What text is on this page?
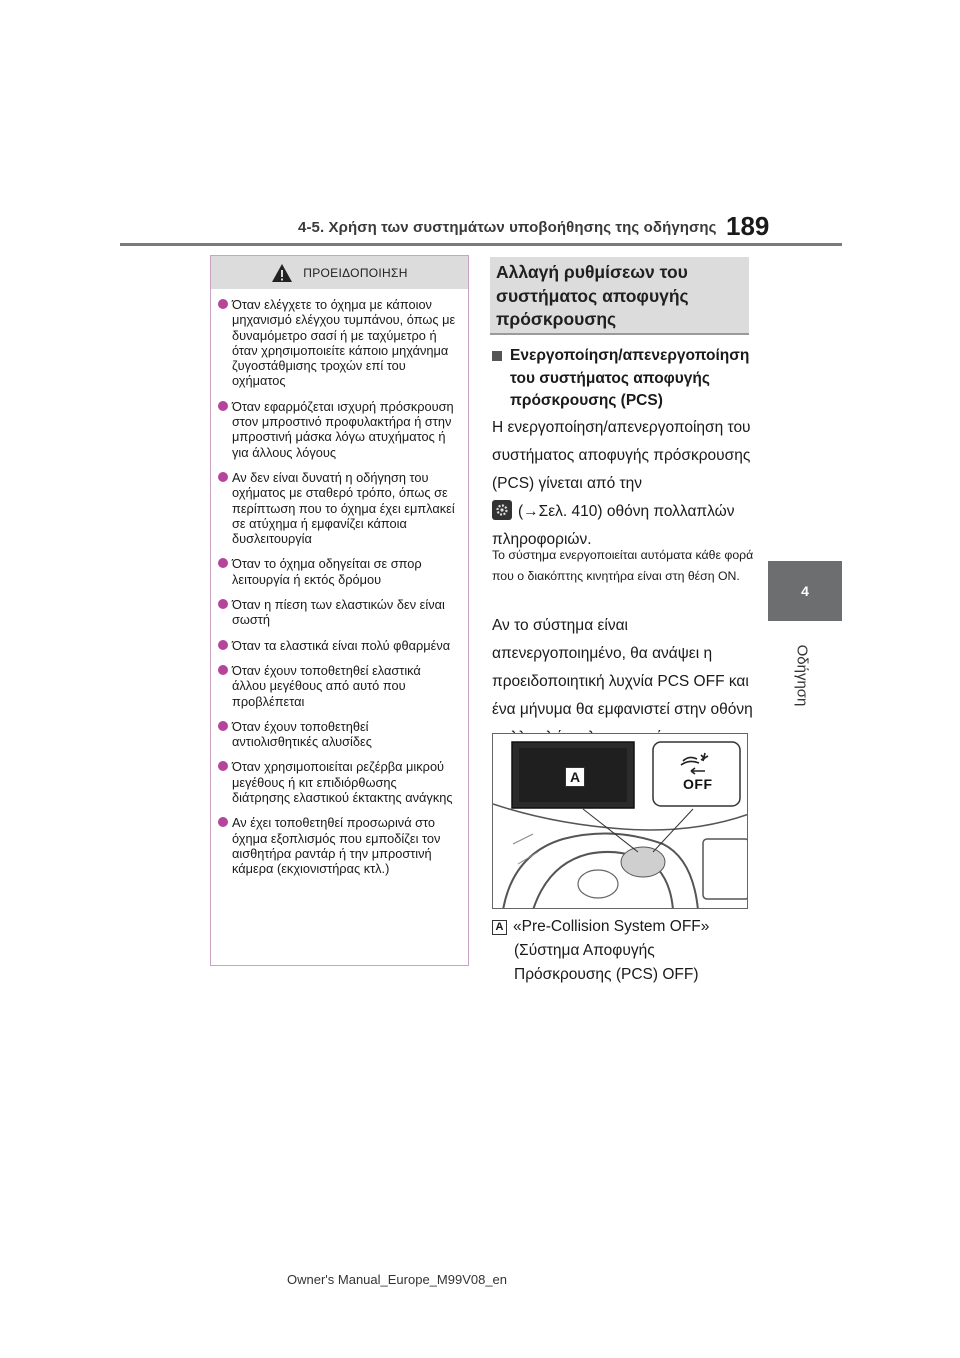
4-5. Χρήση των συστημάτων υποβοήθησης της οδήγησης 189
4
Οδήγηση
ΠΡΟΕΙΔΟΠΟΙΗΣΗ
Όταν ελέγχετε το όχημα με κάποιον μηχανισμό ελέγχου τυμπάνου, όπως με δυναμόμετρο σασί ή με ταχύμετρο ή όταν χρησιμοποιείτε κάποιο μηχάνημα ζυγοστάθμισης τροχών επί του οχήματος
Όταν εφαρμόζεται ισχυρή πρόσκρουση στον μπροστινό προφυλακτήρα ή στην μπροστινή μάσκα λόγω ατυχήματος ή για άλλους λόγους
Αν δεν είναι δυνατή η οδήγηση του οχήματος με σταθερό τρόπο, όπως σε περίπτωση που το όχημα έχει εμπλακεί σε ατύχημα ή εμφανίζει κάποια δυσλειτουργία
Όταν το όχημα οδηγείται σε σπορ λειτουργία ή εκτός δρόμου
Όταν η πίεση των ελαστικών δεν είναι σωστή
Όταν τα ελαστικά είναι πολύ φθαρμένα
Όταν έχουν τοποθετηθεί ελαστικά άλλου μεγέθους από αυτό που προβλέπεται
Όταν έχουν τοποθετηθεί αντιολισθητικές αλυσίδες
Όταν χρησιμοποιείται ρεζέρβα μικρού μεγέθους ή κιτ επιδιόρθωσης διάτρησης ελαστικού έκτακτης ανάγκης
Αν έχει τοποθετηθεί προσωρινά στο όχημα εξοπλισμός που εμποδίζει τον αισθητήρα ραντάρ ή την μπροστινή κάμερα (εκχιονιστήρας κτλ.)
Αλλαγή ρυθμίσεων του συστήματος αποφυγής πρόσκρουσης
Ενεργοποίηση/απενεργοποίηση του συστήματος αποφυγής πρόσκρουσης (PCS)
Η ενεργοποίηση/απενεργοποίηση του συστήματος αποφυγής πρόσκρουσης (PCS) γίνεται από την

(→Σελ. 410) οθόνη πολλαπλών πληροφοριών.
Το σύστημα ενεργοποιείται αυτόματα κάθε φορά που ο διακόπτης κινητήρα είναι στη θέση ON.
Αν το σύστημα είναι απενεργοποιημένο, θα ανάψει η προειδοποιητική λυχνία PCS OFF και ένα μήνυμα θα εμφανιστεί στην οθόνη
A	OFF
A «Pre-Collision System OFF»
(Σύστημα Αποφυγής Πρόσκρουσης (PCS) OFF)
Owner's Manual_Europe_M99V08_en
